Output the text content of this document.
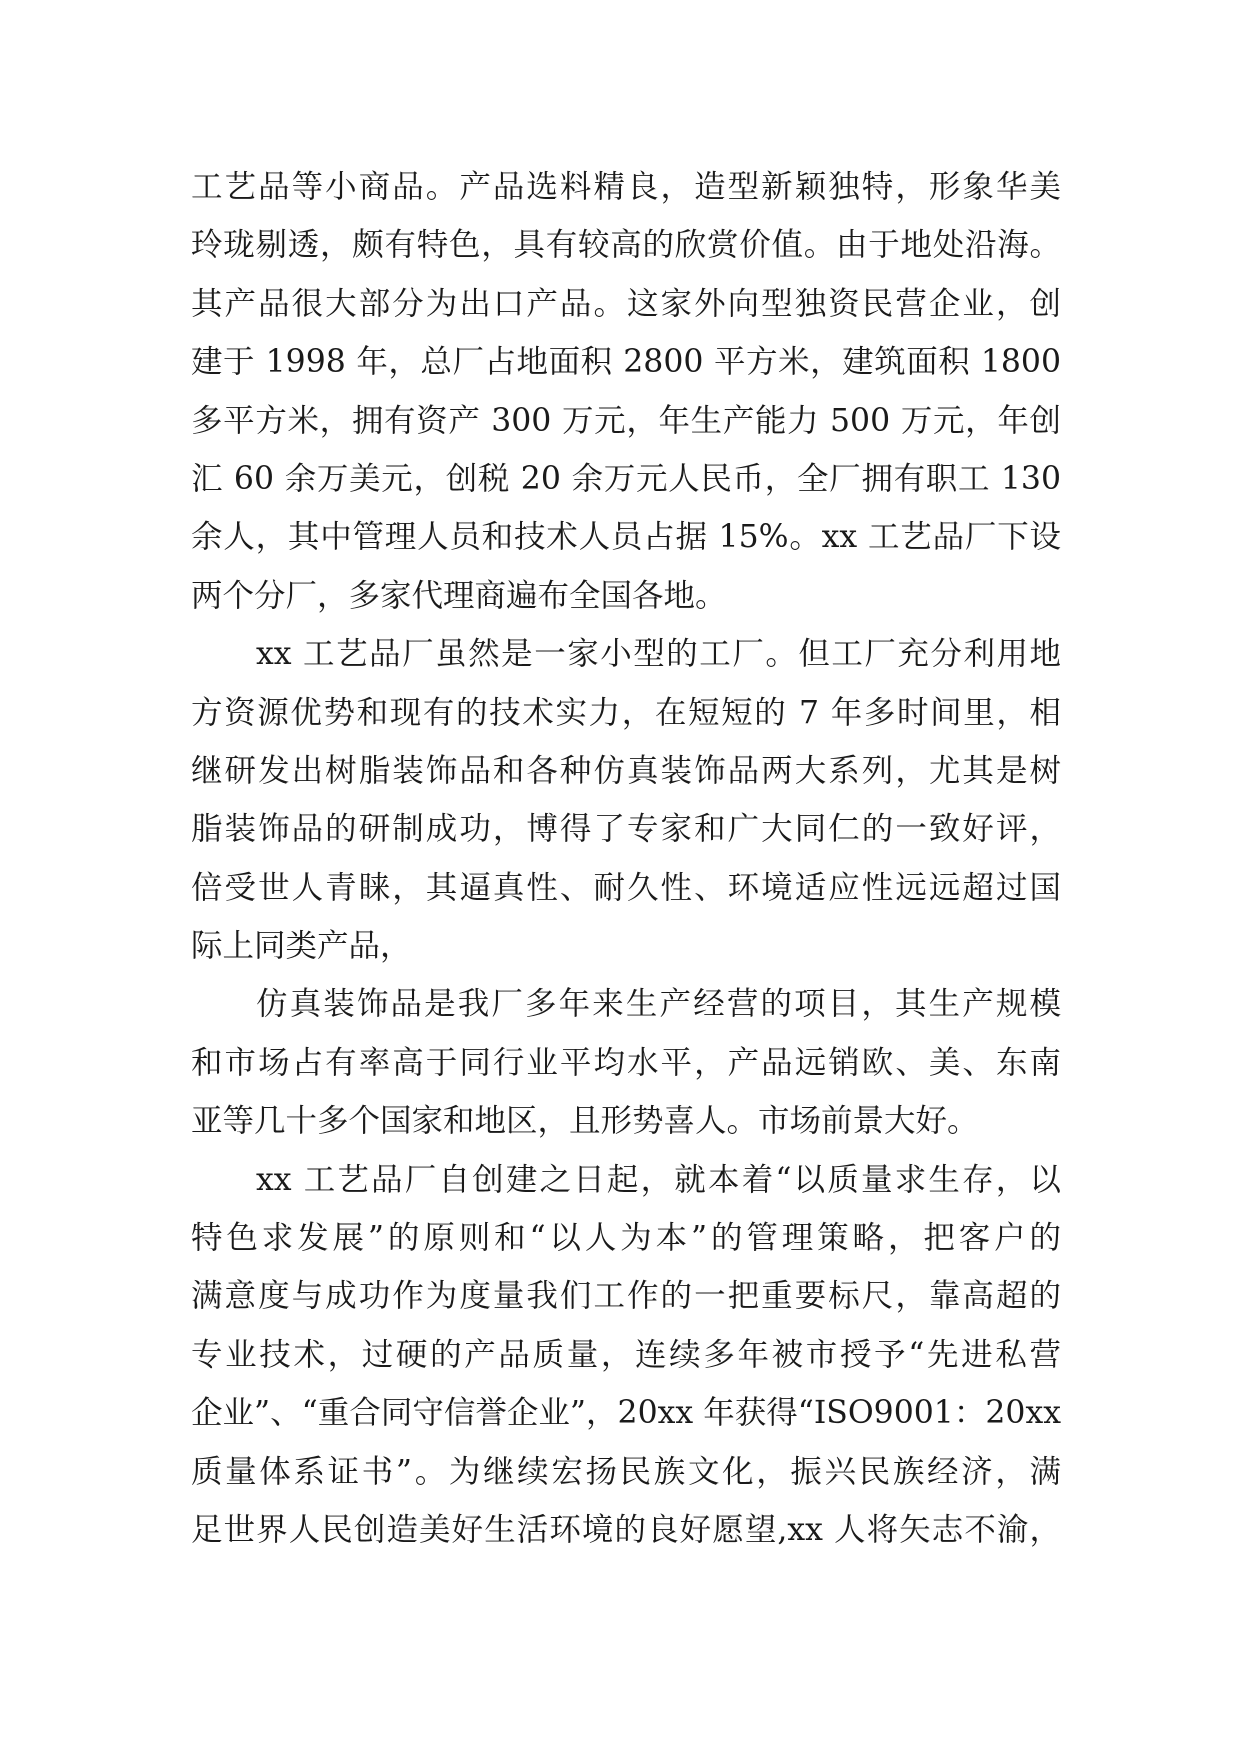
工艺品等小商品。产品选料精良，造型新颖独特，形象华美
玲珑剔透，颇有特色，具有较高的欣赏价值。由于地处沿海。
其产品很大部分为出口产品。这家外向型独资民营企业，创
建于 1998 年，总厂占地面积 2800 平方米，建筑面积 1800
多平方米，拥有资产 300 万元，年生产能力 500 万元，年创
汇 60 余万美元，创税 20 余万元人民币，全厂拥有职工 130
余人，其中管理人员和技术人员占据 15%。xx 工艺品厂下设
两个分厂，多家代理商遍布全国各地。
xx 工艺品厂虽然是一家小型的工厂。但工厂充分利用地
方资源优势和现有的技术实力，在短短的 7 年多时间里，相
继研发出树脂装饰品和各种仿真装饰品两大系列，尤其是树
脂装饰品的研制成功，博得了专家和广大同仁的一致好评，
倍受世人青睐，其逼真性、耐久性、环境适应性远远超过国
际上同类产品，
仿真装饰品是我厂多年来生产经营的项目，其生产规模
和市场占有率高于同行业平均水平，产品远销欧、美、东南
亚等几十多个国家和地区，且形势喜人。市场前景大好。
xx 工艺品厂自创建之日起，就本着“以质量求生存，以
特色求发展”的原则和“以人为本”的管理策略，把客户的
满意度与成功作为度量我们工作的一把重要标尺，靠高超的
专业技术，过硬的产品质量，连续多年被市授予“先进私营
企业”、“重合同守信誉企业”，20xx 年获得“ISO9001：20xx
质量体系证书”。为继续宏扬民族文化，振兴民族经济，满
足世界人民创造美好生活环境的良好愿望,xx 人将矢志不渝，
